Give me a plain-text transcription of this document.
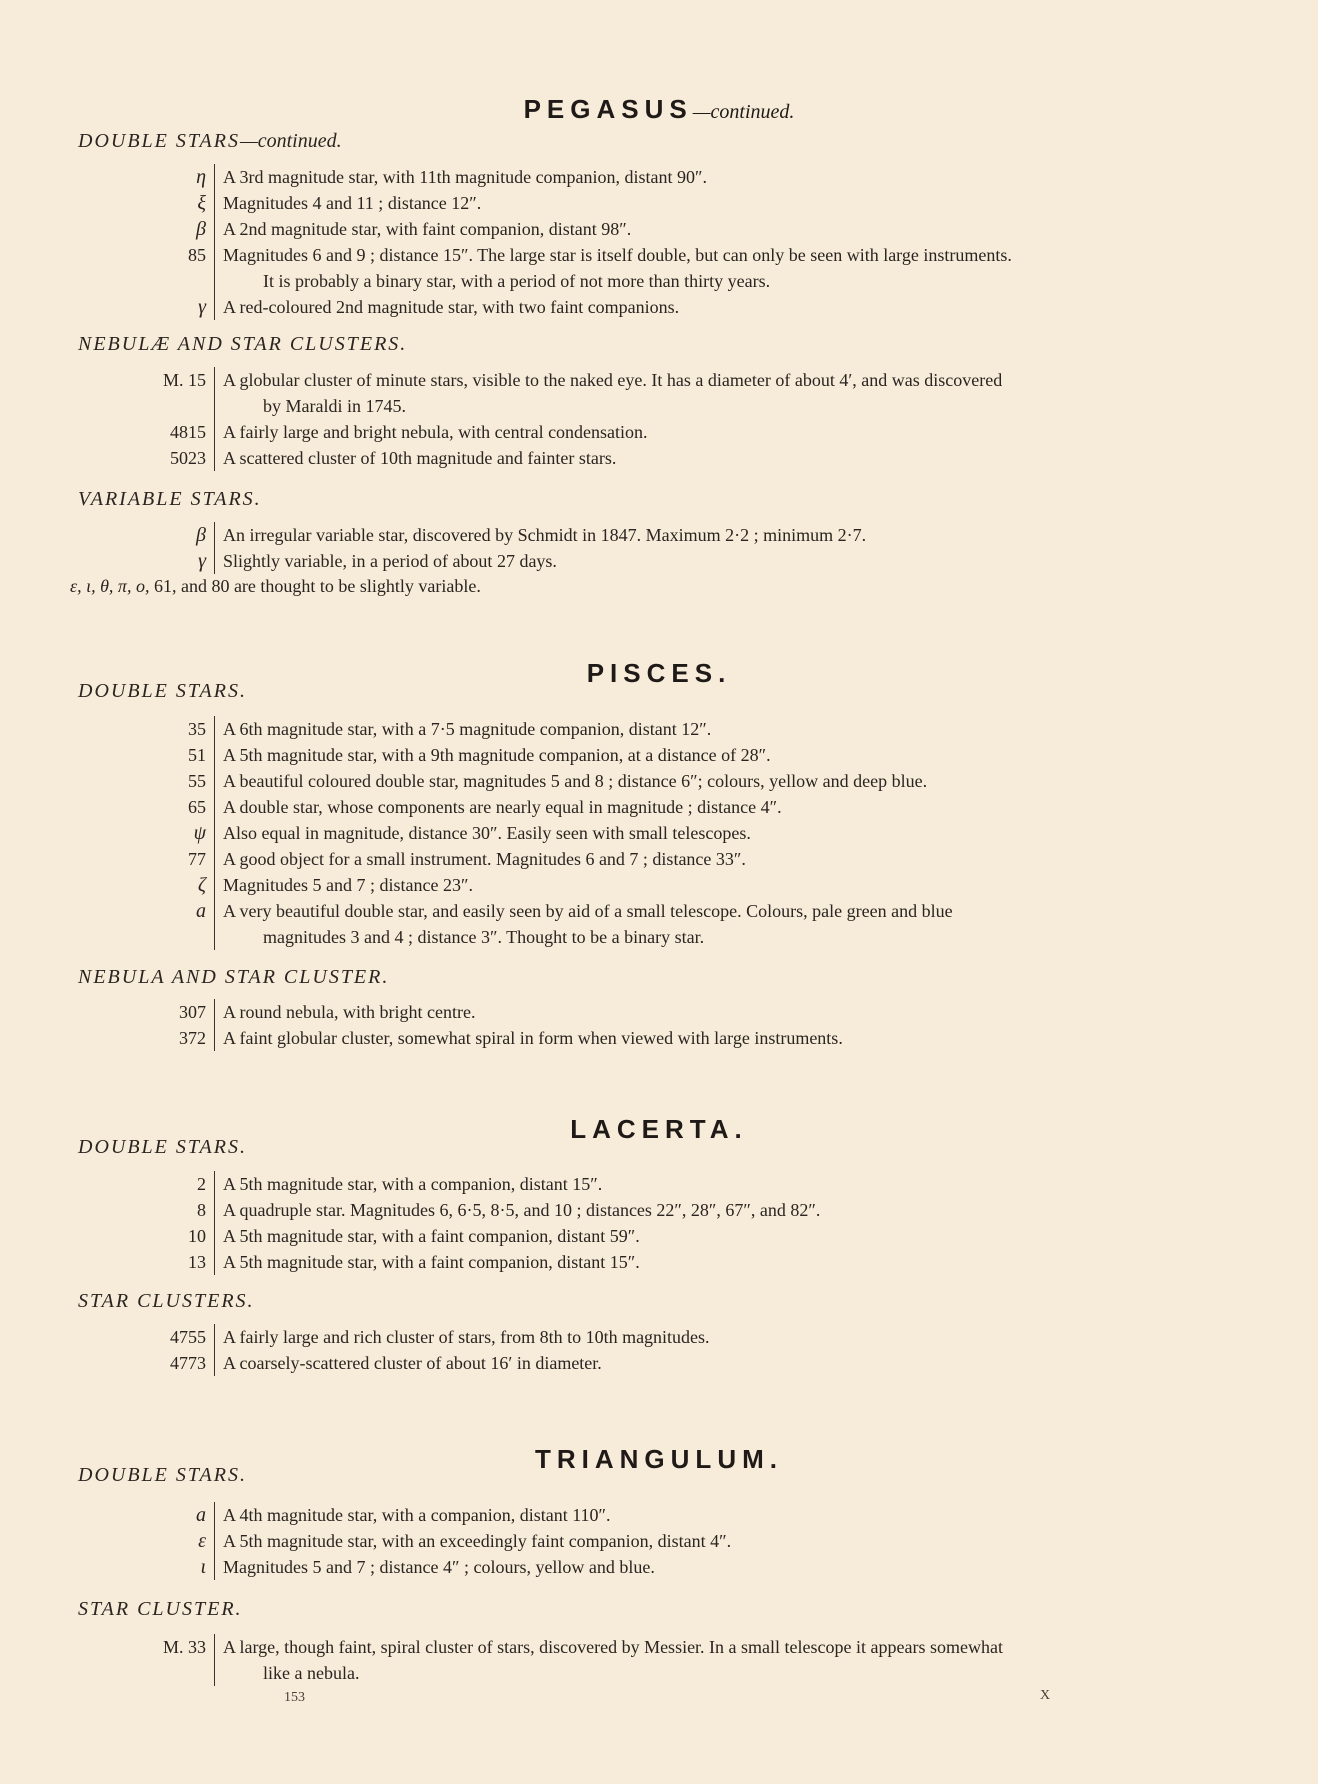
PEGASUS—continued.
DOUBLE STARS—continued.
η A 3rd magnitude star, with 11th magnitude companion, distant 90″.
ξ Magnitudes 4 and 11 ; distance 12″.
β A 2nd magnitude star, with faint companion, distant 98″.
85 Magnitudes 6 and 9 ; distance 15″. The large star is itself double, but can only be seen with large instruments.
It is probably a binary star, with a period of not more than thirty years.
γ A red-coloured 2nd magnitude star, with two faint companions.
NEBULÆ AND STAR CLUSTERS.
M. 15 A globular cluster of minute stars, visible to the naked eye. It has a diameter of about 4′, and was discovered
by Maraldi in 1745.
4815 A fairly large and bright nebula, with central condensation.
5023 A scattered cluster of 10th magnitude and fainter stars.
VARIABLE STARS.
β An irregular variable star, discovered by Schmidt in 1847. Maximum 2·2 ; minimum 2·7.
γ Slightly variable, in a period of about 27 days.
ε, ι, θ, π, ο, 61, and 80 are thought to be slightly variable.
PISCES.
DOUBLE STARS.
35 A 6th magnitude star, with a 7·5 magnitude companion, distant 12″.
51 A 5th magnitude star, with a 9th magnitude companion, at a distance of 28″.
55 A beautiful coloured double star, magnitudes 5 and 8 ; distance 6″; colours, yellow and deep blue.
65 A double star, whose components are nearly equal in magnitude ; distance 4″.
ψ Also equal in magnitude, distance 30″. Easily seen with small telescopes.
77 A good object for a small instrument. Magnitudes 6 and 7 ; distance 33″.
ζ Magnitudes 5 and 7 ; distance 23″.
a A very beautiful double star, and easily seen by aid of a small telescope. Colours, pale green and blue
magnitudes 3 and 4 ; distance 3″. Thought to be a binary star.
NEBULA AND STAR CLUSTER.
307 A round nebula, with bright centre.
372 A faint globular cluster, somewhat spiral in form when viewed with large instruments.
LACERTA.
DOUBLE STARS.
2 A 5th magnitude star, with a companion, distant 15″.
8 A quadruple star. Magnitudes 6, 6·5, 8·5, and 10 ; distances 22″, 28″, 67″, and 82″.
10 A 5th magnitude star, with a faint companion, distant 59″.
13 A 5th magnitude star, with a faint companion, distant 15″.
STAR CLUSTERS.
4755 A fairly large and rich cluster of stars, from 8th to 10th magnitudes.
4773 A coarsely-scattered cluster of about 16′ in diameter.
TRIANGULUM.
DOUBLE STARS.
a A 4th magnitude star, with a companion, distant 110″.
ε A 5th magnitude star, with an exceedingly faint companion, distant 4″.
ι Magnitudes 5 and 7 ; distance 4″ ; colours, yellow and blue.
STAR CLUSTER.
M. 33 A large, though faint, spiral cluster of stars, discovered by Messier. In a small telescope it appears somewhat
like a nebula.
153	X
